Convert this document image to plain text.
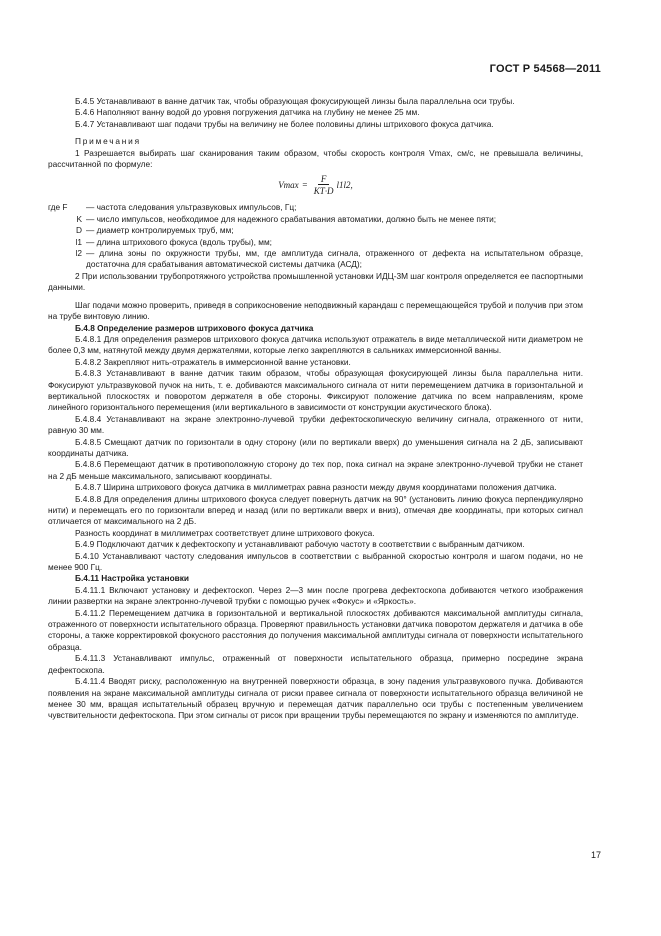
ГОСТ Р 54568—2011

Б.4.5 Устанавливают в ванне датчик так, чтобы образующая фокусирующей линзы была параллельна оси трубы.

Б.4.6 Наполняют ванну водой до уровня погружения датчика на глубину не менее 25 мм.

Б.4.7 Устанавливают шаг подачи трубы на величину не более половины длины штрихового фокуса датчика.

Примечания

1 Разрешается выбирать шаг сканирования таким образом, чтобы скорость контроля Vmax, см/с, не превышала величины, рассчитанной по формуле:

$Vmax = \frac{F}{KT\cdot D} l1l2$,
где F	— частота следования ультразвуковых импульсов, Гц;
K — число импульсов, необходимое для надежного срабатывания автоматики, должно быть не менее пяти;
D — диаметр контролируемых труб, мм;
l1 — длина штрихового фокуса (вдоль трубы), мм;
l2 — длина зоны по окружности трубы, мм, где амплитуда сигнала, отраженного от дефекта на испытательном образце, достаточна для срабатывания автоматической системы датчика (АСД);

2 При использовании трубопротяжного устройства промышленной установки ИДЦ-3М шаг контроля определяется ее паспортными данными.

Шаг подачи можно проверить, приведя в соприкосновение неподвижный карандаш с перемещающейся трубой и получив при этом на трубе винтовую линию.

Б.4.8 Определение размеров штрихового фокуса датчика

Б.4.8.1 Для определения размеров штрихового фокуса датчика используют отражатель в виде металлической нити диаметром не более 0,3 мм, натянутой между двумя держателями, которые легко закрепляются в сальниках иммерсионной ванны.

Б.4.8.2 Закрепляют нить-отражатель в иммерсионной ванне установки.

Б.4.8.3 Устанавливают в ванне датчик таким образом, чтобы образующая фокусирующей линзы была параллельна нити. Фокусируют ультразвуковой пучок на нить, т. е. добиваются максимального сигнала от нити перемещением датчика в горизонтальной и вертикальной плоскостях и поворотом держателя в обе стороны. Фиксируют положение датчика по всем направлениям, кроме линейного горизонтального перемещения (или вертикального в зависимости от конструкции акустического блока).

Б.4.8.4 Устанавливают на экране электронно-лучевой трубки дефектоскопическую величину сигнала, отраженного от нити, равную 30 мм.

Б.4.8.5 Смещают датчик по горизонтали в одну сторону (или по вертикали вверх) до уменьшения сигнала на 2 дБ, записывают координаты датчика.

Б.4.8.6 Перемещают датчик в противоположную сторону до тех пор, пока сигнал на экране электронно-лучевой трубки не станет на 2 дБ меньше максимального, записывают координаты.

Б.4.8.7 Ширина штрихового фокуса датчика в миллиметрах равна разности между двумя координатами положения датчика.

Б.4.8.8 Для определения длины штрихового фокуса следует повернуть датчик на 90° (установить линию фокуса перпендикулярно нити) и перемещать его по горизонтали вперед и назад (или по вертикали вверх и вниз), отмечая две координаты, при которых сигнал отличается от максимального на 2 дБ.

Разность координат в миллиметрах соответствует длине штрихового фокуса.

Б.4.9 Подключают датчик к дефектоскопу и устанавливают рабочую частоту в соответствии с выбранным датчиком.

Б.4.10 Устанавливают частоту следования импульсов в соответствии с выбранной скоростью контроля и шагом подачи, но не менее 900 Гц.

Б.4.11 Настройка установки

Б.4.11.1 Включают установку и дефектоскоп. Через 2—3 мин после прогрева дефектоскопа добиваются четкого изображения линии развертки на экране электронно-лучевой трубки с помощью ручек «Фокус» и «Яркость».

Б.4.11.2 Перемещением датчика в горизонтальной и вертикальной плоскостях добиваются максимальной амплитуды сигнала, отраженного от поверхности испытательного образца. Проверяют правильность установки датчика поворотом держателя и датчика в обе стороны, а также корректировкой фокусного расстояния до получения максимальной амплитуды сигнала от поверхности испытательного образца.

Б.4.11.3 Устанавливают импульс, отраженный от поверхности испытательного образца, примерно посредине экрана дефектоскопа.

Б.4.11.4 Вводят риску, расположенную на внутренней поверхности образца, в зону падения ультразвукового пучка. Добиваются появления на экране максимальной амплитуды сигнала от риски правее сигнала от поверхности испытательного образца величиной не менее 30 мм, вращая испытательный образец вручную и перемещая датчик параллельно оси трубы с постепенным увеличением чувствительности дефектоскопа. При этом сигналы от рисок при вращении трубы перемещаются по экрану и изменяются по амплитуде.

17
